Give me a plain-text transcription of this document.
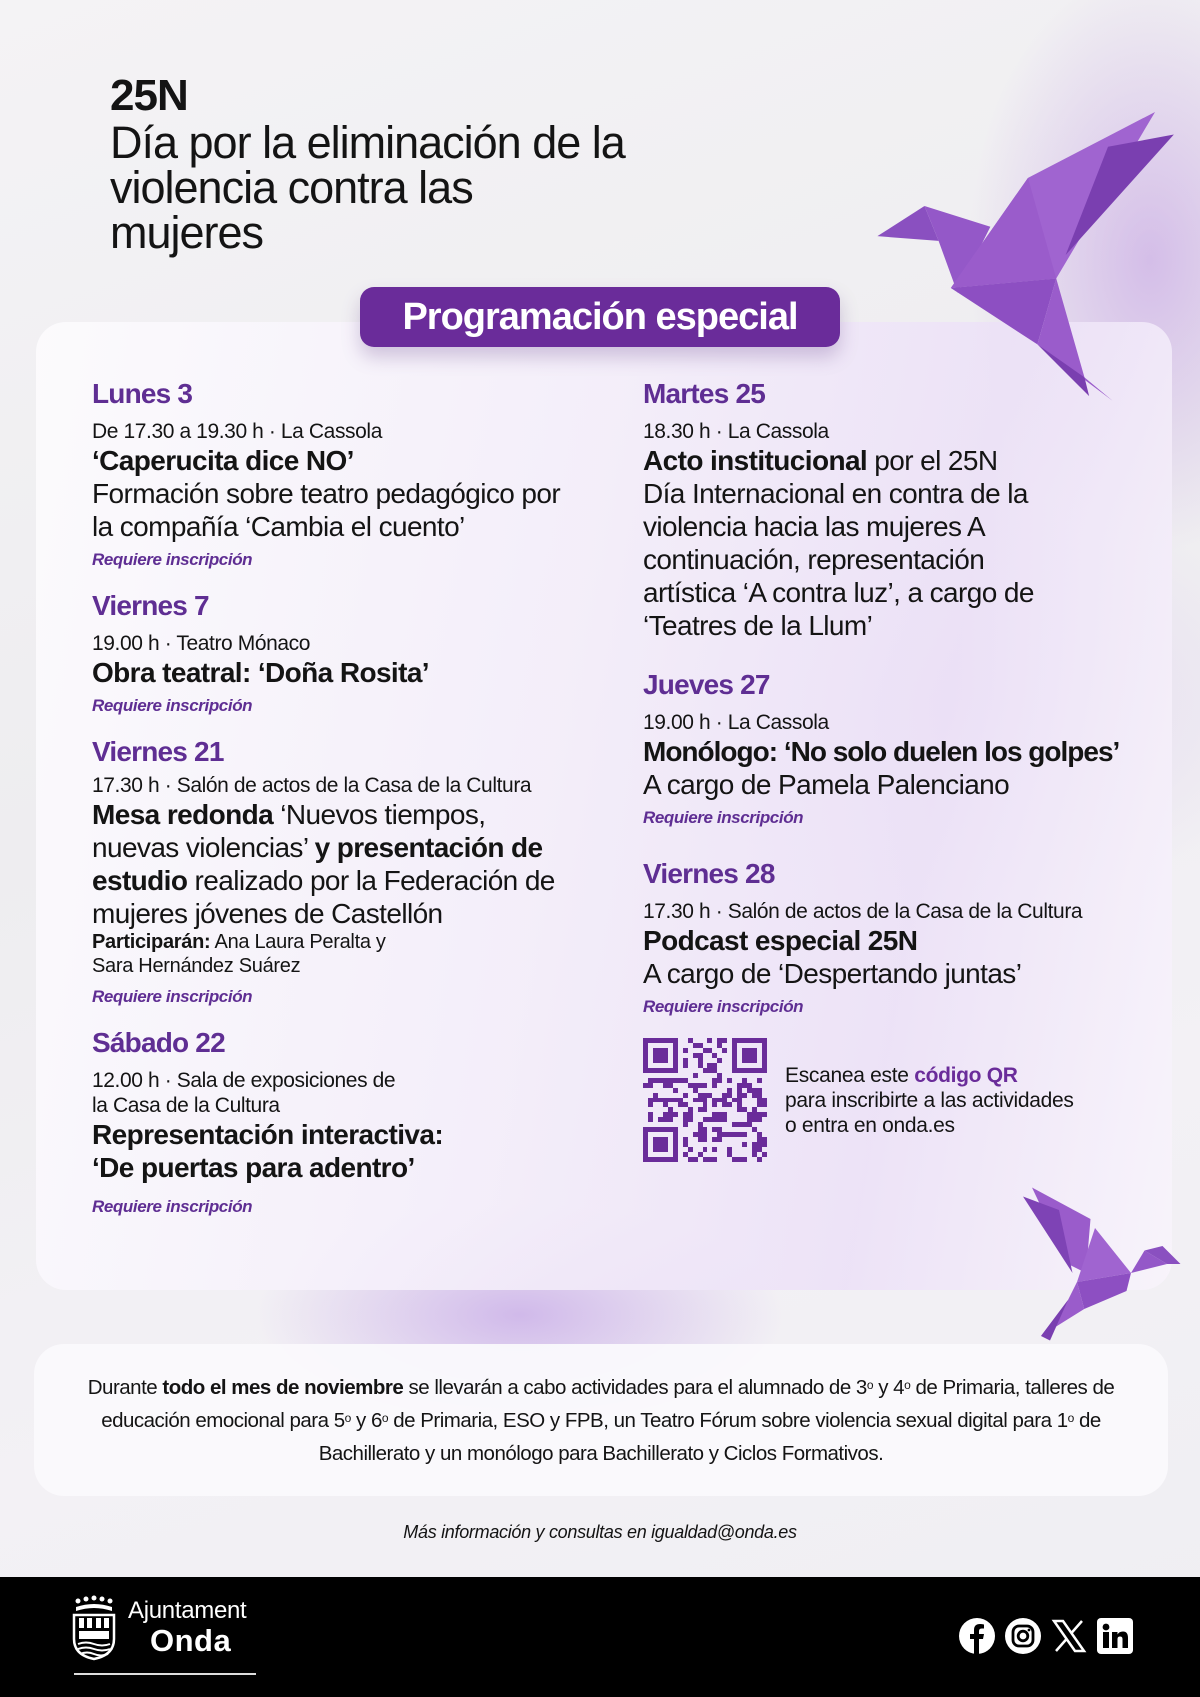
25N
Día por la eliminación de la violencia contra las mujeres
Programación especial
Lunes 3
De 17.30 a 19.30 h · La Cassola
‘Caperucita dice NO’
Formación sobre teatro pedagógico por la compañía ‘Cambia el cuento’
Requiere inscripción
Viernes 7
19.00 h · Teatro Mónaco
Obra teatral: ‘Doña Rosita’
Requiere inscripción
Viernes 21
17.30 h · Salón de actos de la Casa de la Cultura
Mesa redonda ‘Nuevos tiempos, nuevas violencias’ y presentación de estudio realizado por la Federación de mujeres jóvenes de Castellón
Participarán: Ana Laura Peralta y Sara Hernández Suárez
Requiere inscripción
Sábado 22
12.00 h · Sala de exposiciones de la Casa de la Cultura
Representación interactiva: ‘De puertas para adentro’
Requiere inscripción
Martes 25
18.30 h · La Cassola
Acto institucional por el 25N
Día Internacional en contra de la violencia hacia las mujeres A continuación, representación artística ‘A contra luz’, a cargo de ‘Teatres de la Llum’
Jueves 27
19.00 h · La Cassola
Monólogo: ‘No solo duelen los golpes’
A cargo de Pamela Palenciano
Requiere inscripción
Viernes 28
17.30 h · Salón de actos de la Casa de la Cultura
Podcast especial 25N
A cargo de ‘Despertando juntas’
Requiere inscripción
Escanea este código QR
para inscribirte a las actividades
o entra en onda.es

Durante todo el mes de noviembre se llevarán a cabo actividades para el alumnado de 3$^o$ y 4$^o$ de Primaria, talleres de educación emocional para 5$^o$ y 6$^o$ de Primaria, ESO y FPB, un Teatro Fórum sobre violencia sexual digital para 1$^o$ de Bachillerato y un monólogo para Bachillerato y Ciclos Formativos.

Más información y consultas en igualdad@onda.es
Ajuntament
Onda
